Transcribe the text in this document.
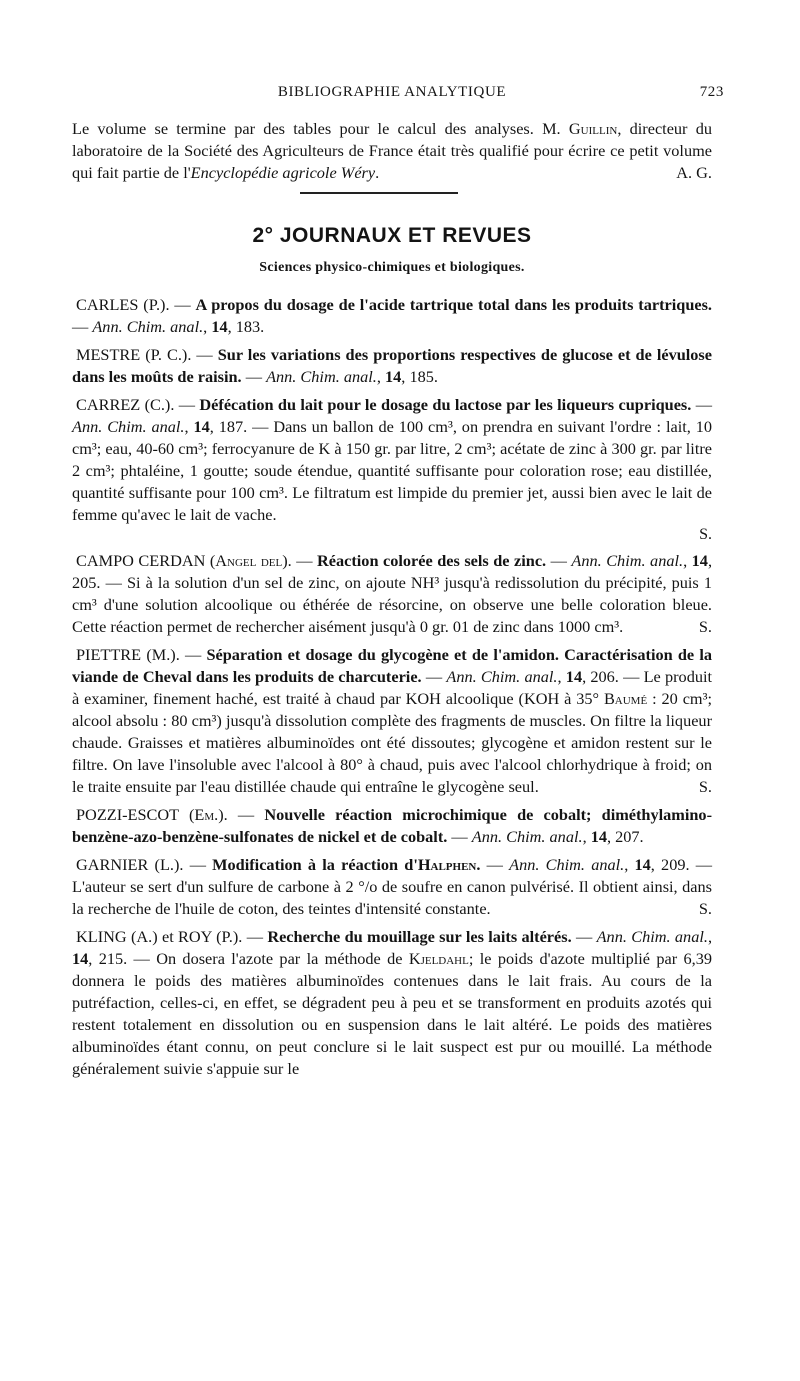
BIBLIOGRAPHIE ANALYTIQUE	723

Le volume se termine par des tables pour le calcul des analyses. M. Guillin, directeur du laboratoire de la Société des Agriculteurs de France était très qualifié pour écrire ce petit volume qui fait partie de l'Encyclopédie agricole Wéry.	A. G.

2° JOURNAUX ET REVUES
Sciences physico-chimiques et biologiques.

CARLES (P.). — A propos du dosage de l'acide tartrique total dans les produits tartriques. — Ann. Chim. anal., 14, 183.

MESTRE (P. C.). — Sur les variations des proportions respectives de glucose et de lévulose dans les moûts de raisin. — Ann. Chim. anal., 14, 185.

CARREZ (C.). — Défécation du lait pour le dosage du lactose par les liqueurs cupriques. — Ann. Chim. anal., 14, 187. — Dans un ballon de 100 cm³, on prendra en suivant l'ordre : lait, 10 cm³; eau, 40-60 cm³; ferrocyanure de K à 150 gr. par litre, 2 cm³; acétate de zinc à 300 gr. par litre 2 cm³; phtaléine, 1 goutte; soude étendue, quantité suffisante pour coloration rose; eau distillée, quantité suffisante pour 100 cm³. Le filtratum est limpide du premier jet, aussi bien avec le lait de femme qu'avec le lait de vache.

S.

CAMPO CERDAN (Angel del). — Réaction colorée des sels de zinc. — Ann. Chim. anal., 14, 205. — Si à la solution d'un sel de zinc, on ajoute NH³ jusqu'à redissolution du précipité, puis 1 cm³ d'une solution alcoolique ou éthérée de résorcine, on observe une belle coloration bleue. Cette réaction permet de rechercher aisément jusqu'à 0 gr. 01 de zinc dans 1000 cm³.	S.

PIETTRE (M.). — Séparation et dosage du glycogène et de l'amidon. Caractérisation de la viande de Cheval dans les produits de charcuterie. — Ann. Chim. anal., 14, 206. — Le produit à examiner, finement haché, est traité à chaud par KOH alcoolique (KOH à 35° Baumé : 20 cm³; alcool absolu : 80 cm³) jusqu'à dissolution complète des fragments de muscles. On filtre la liqueur chaude. Graisses et matières albuminoïdes ont été dissoutes; glycogène et amidon restent sur le filtre. On lave l'insoluble avec l'alcool à 80° à chaud, puis avec l'alcool chlorhydrique à froid; on le traite ensuite par l'eau distillée chaude qui entraîne le glycogène seul.	S.

POZZI-ESCOT (Em.). — Nouvelle réaction microchimique de cobalt; diméthylamino-benzène-azo-benzène-sulfonates de nickel et de cobalt. — Ann. Chim. anal., 14, 207.

GARNIER (L.). — Modification à la réaction d'Halphen. — Ann. Chim. anal., 14, 209. — L'auteur se sert d'un sulfure de carbone à 2 °/o de soufre en canon pulvérisé. Il obtient ainsi, dans la recherche de l'huile de coton, des teintes d'intensité constante.	S.

KLING (A.) et ROY (P.). — Recherche du mouillage sur les laits altérés. — Ann. Chim. anal., 14, 215. — On dosera l'azote par la méthode de Kjeldahl; le poids d'azote multiplié par 6,39 donnera le poids des matières albuminoïdes contenues dans le lait frais. Au cours de la putréfaction, celles-ci, en effet, se dégradent peu à peu et se transforment en produits azotés qui restent totalement en dissolution ou en suspension dans le lait altéré. Le poids des matières albuminoïdes étant connu, on peut conclure si le lait suspect est pur ou mouillé. La méthode généralement suivie s'appuie sur le
